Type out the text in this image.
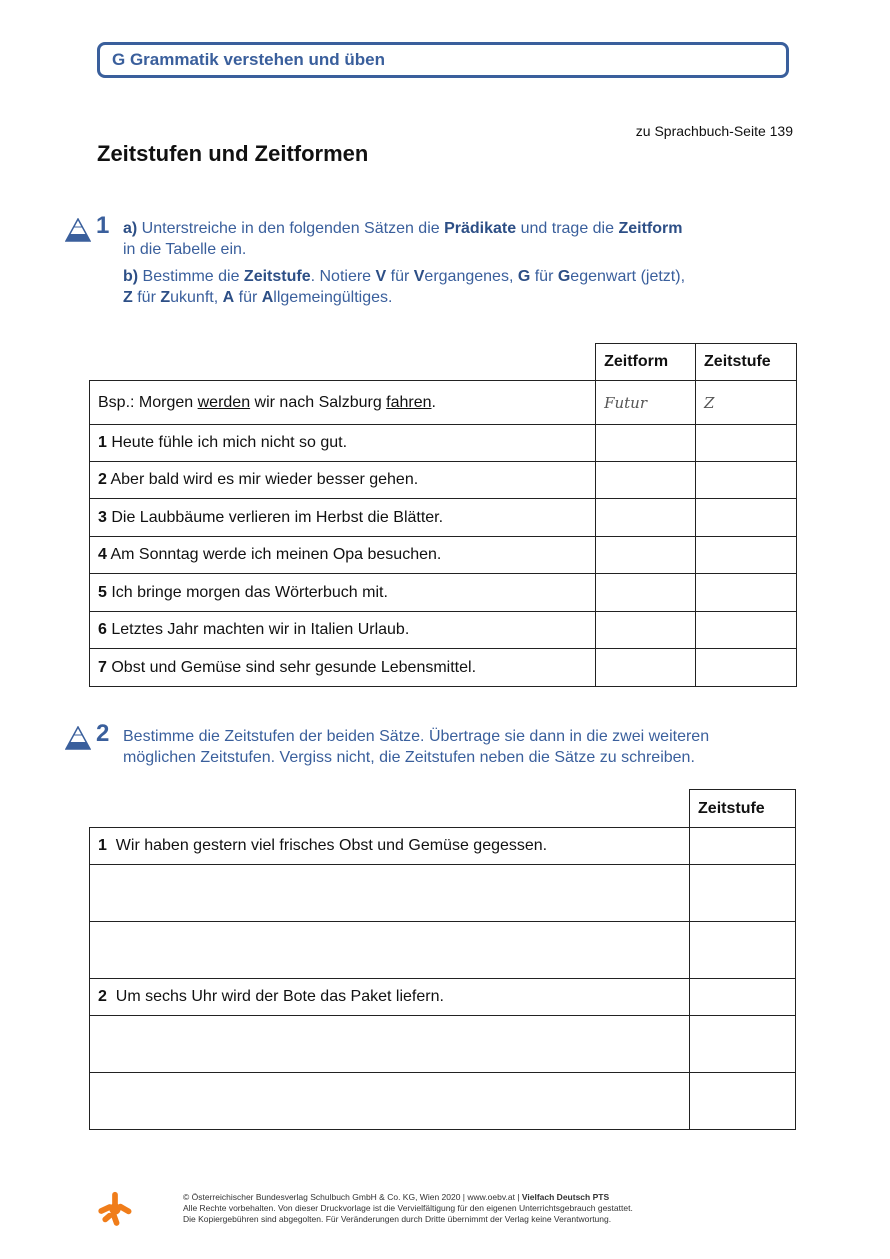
G Grammatik verstehen und üben
zu Sprachbuch-Seite 139
Zeitstufen und Zeitformen
1 a) Unterstreiche in den folgenden Sätzen die Prädikate und trage die Zeitform
in die Tabelle ein.

b) Bestimme die Zeitstufe. Notiere V für Vergangenes, G für Gegenwart (jetzt),
Z für Zukunft, A für Allgemeingültiges.

	Zeitform	Zeitstufe
Bsp.: Morgen werden wir nach Salzburg fahren.	Futur	Z
1 Heute fühle ich mich nicht so gut.		
2 Aber bald wird es mir wieder besser gehen.		
3 Die Laubbäume verlieren im Herbst die Blätter.		
4 Am Sonntag werde ich meinen Opa besuchen.		
5 Ich bringe morgen das Wörterbuch mit.		
6 Letztes Jahr machten wir in Italien Urlaub.		
7 Obst und Gemüse sind sehr gesunde Lebensmittel.		
2 Bestimme die Zeitstufen der beiden Sätze. Übertrage sie dann in die zwei weiteren möglichen Zeitstufen. Vergiss nicht, die Zeitstufen neben die Sätze zu schreiben.
	Zeitstufe
1 Wir haben gestern viel frisches Obst und Gemüse gegessen.	

2 Um sechs Uhr wird der Bote das Paket liefern.	

© Österreichischer Bundesverlag Schulbuch GmbH & Co. KG, Wien 2020 | www.oebv.at | Vielfach Deutsch PTS
Alle Rechte vorbehalten. Von dieser Druckvorlage ist die Vervielfältigung für den eigenen Unterrichtsgebrauch gestattet.
Die Kopiergebühren sind abgegolten. Für Veränderungen durch Dritte übernimmt der Verlag keine Verantwortung.
